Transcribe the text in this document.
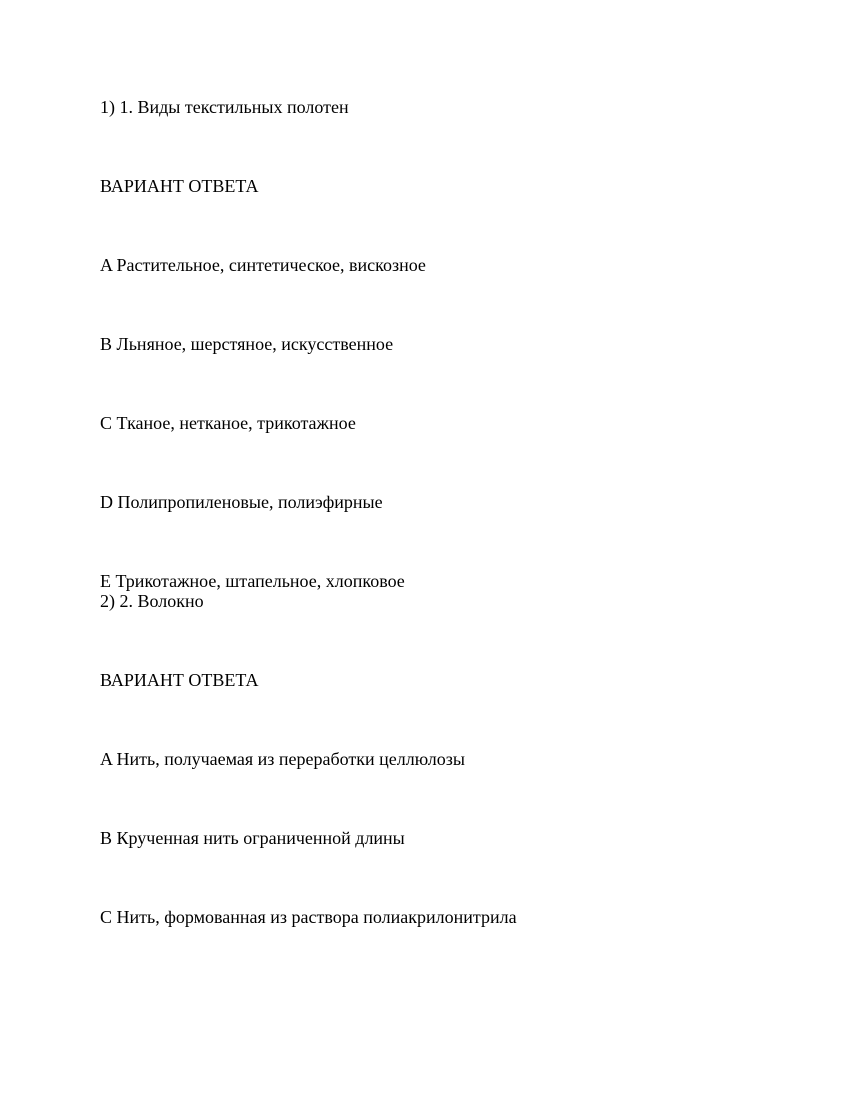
1) 1. Виды текстильных полотен

ВАРИАНТ ОТВЕТА

A Растительное, синтетическое, вискозное

B Льняное, шерстяное, искусственное

C Тканое, нетканое, трикотажное

D Полипропиленовые, полиэфирные

E Трикотажное, штапельное, хлопковое

2) 2. Волокно

ВАРИАНТ ОТВЕТА

A Нить, получаемая из переработки целлюлозы

B Крученная нить ограниченной длины

C Нить, формованная из раствора полиакрилонитрила
